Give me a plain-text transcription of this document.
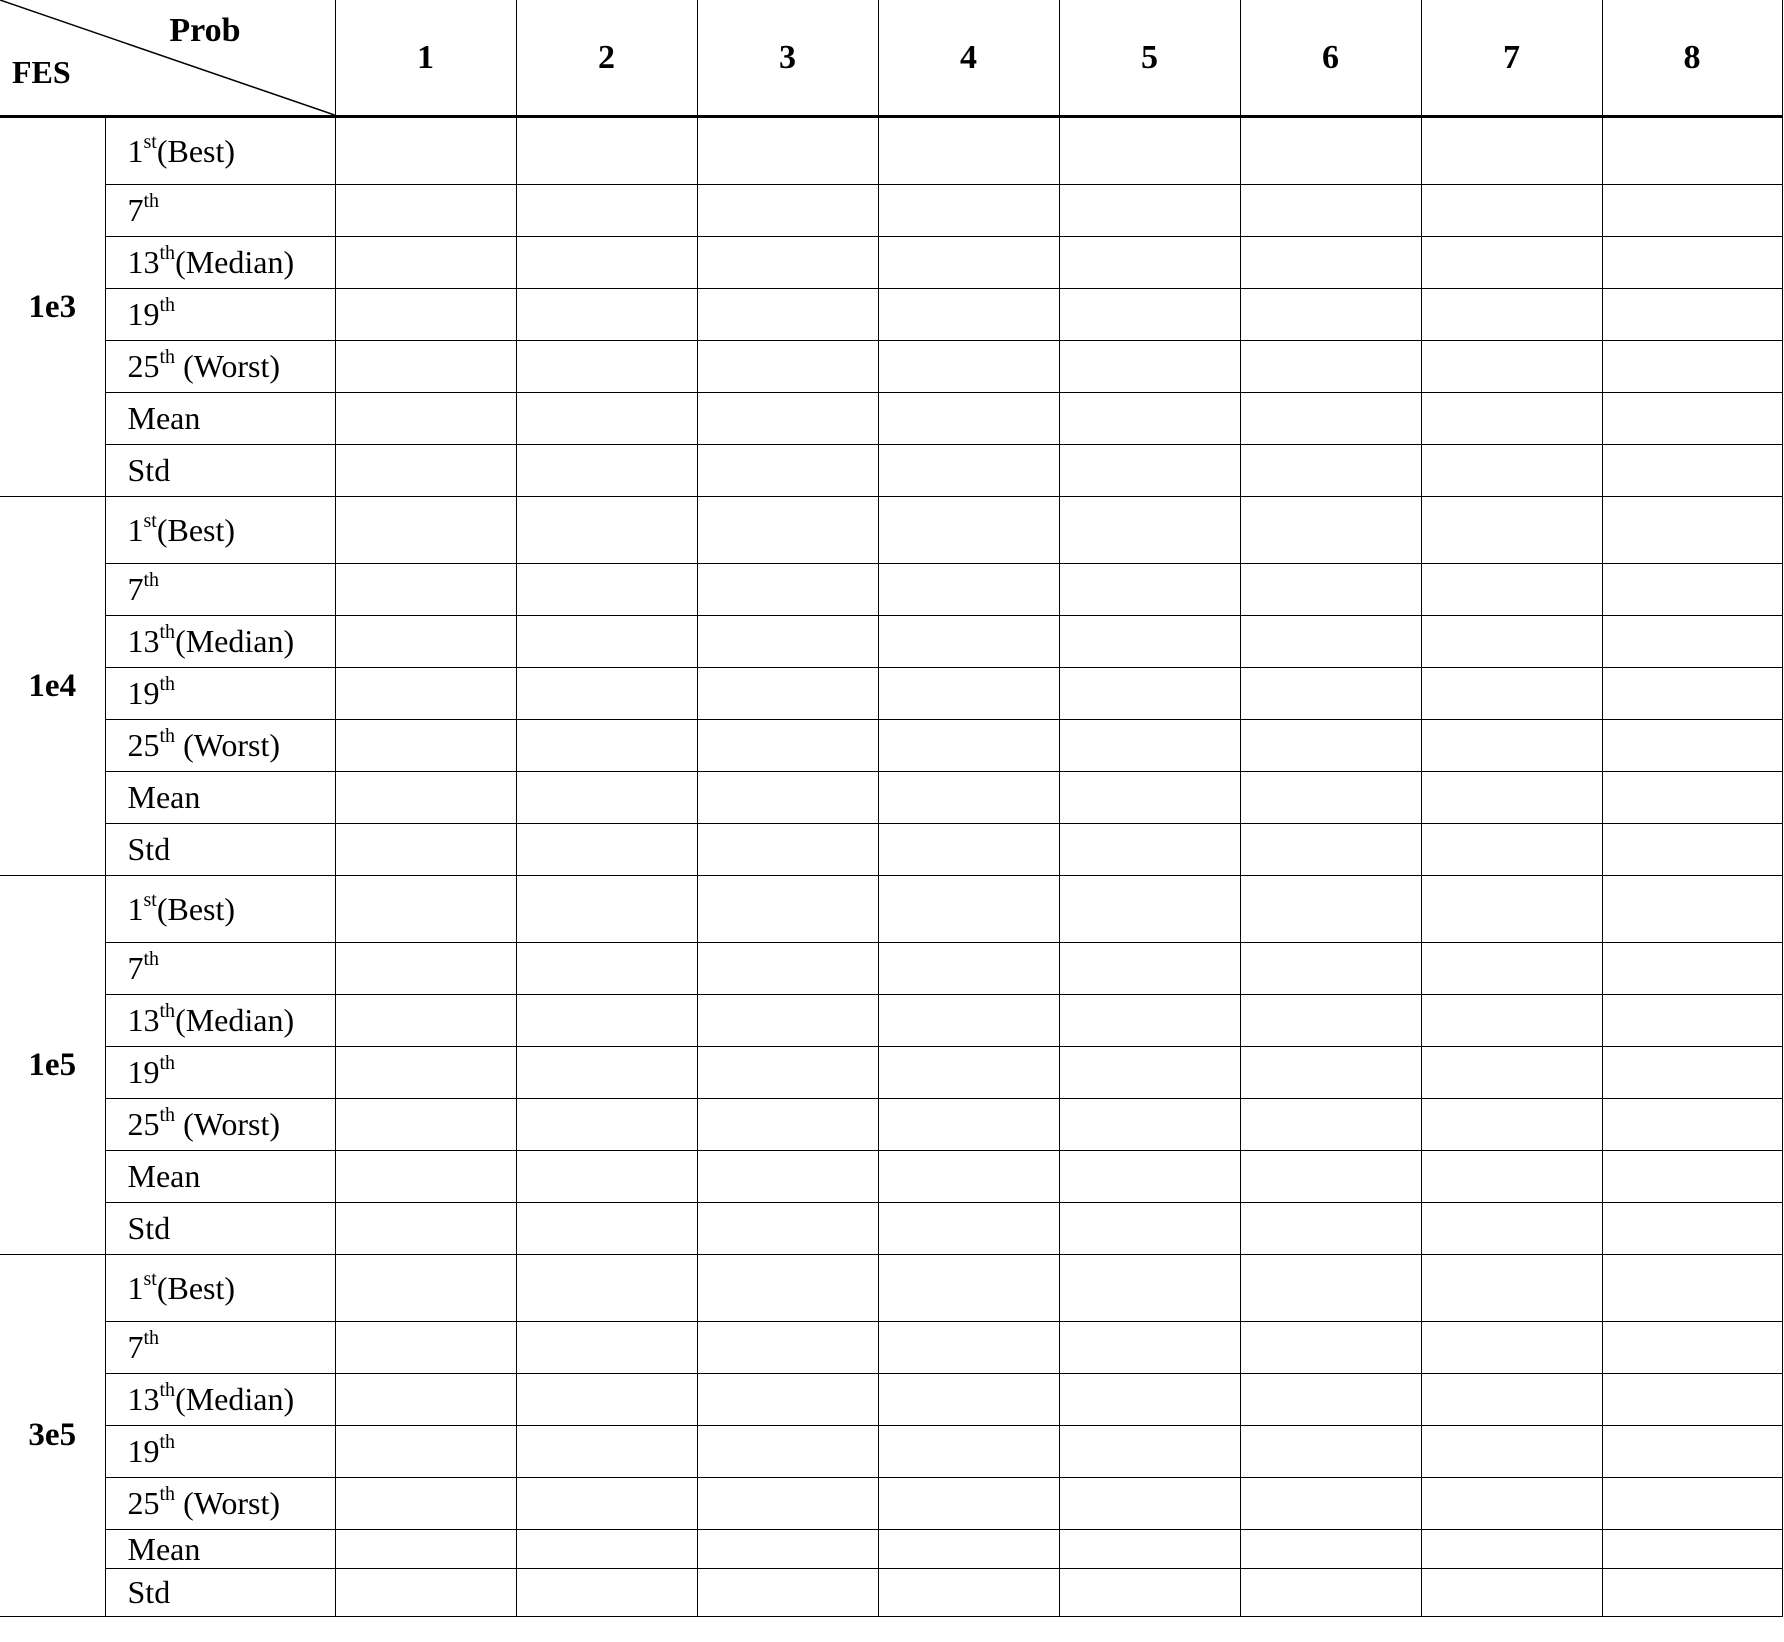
Prob
FES		1	2	3	4	5	6	7	8
1e3	1st(Best)								
	7th								
	13th(Median)								
	19th								
	25th (Worst)								
	Mean								
	Std								
1e4	1st(Best)								
	7th								
	13th(Median)								
	19th								
	25th (Worst)								
	Mean								
	Std								
1e5	1st(Best)								
	7th								
	13th(Median)								
	19th								
	25th (Worst)								
	Mean								
	Std								
3e5	1st(Best)								
	7th								
	13th(Median)								
	19th								
	25th (Worst)								
	Mean								
	Std								
